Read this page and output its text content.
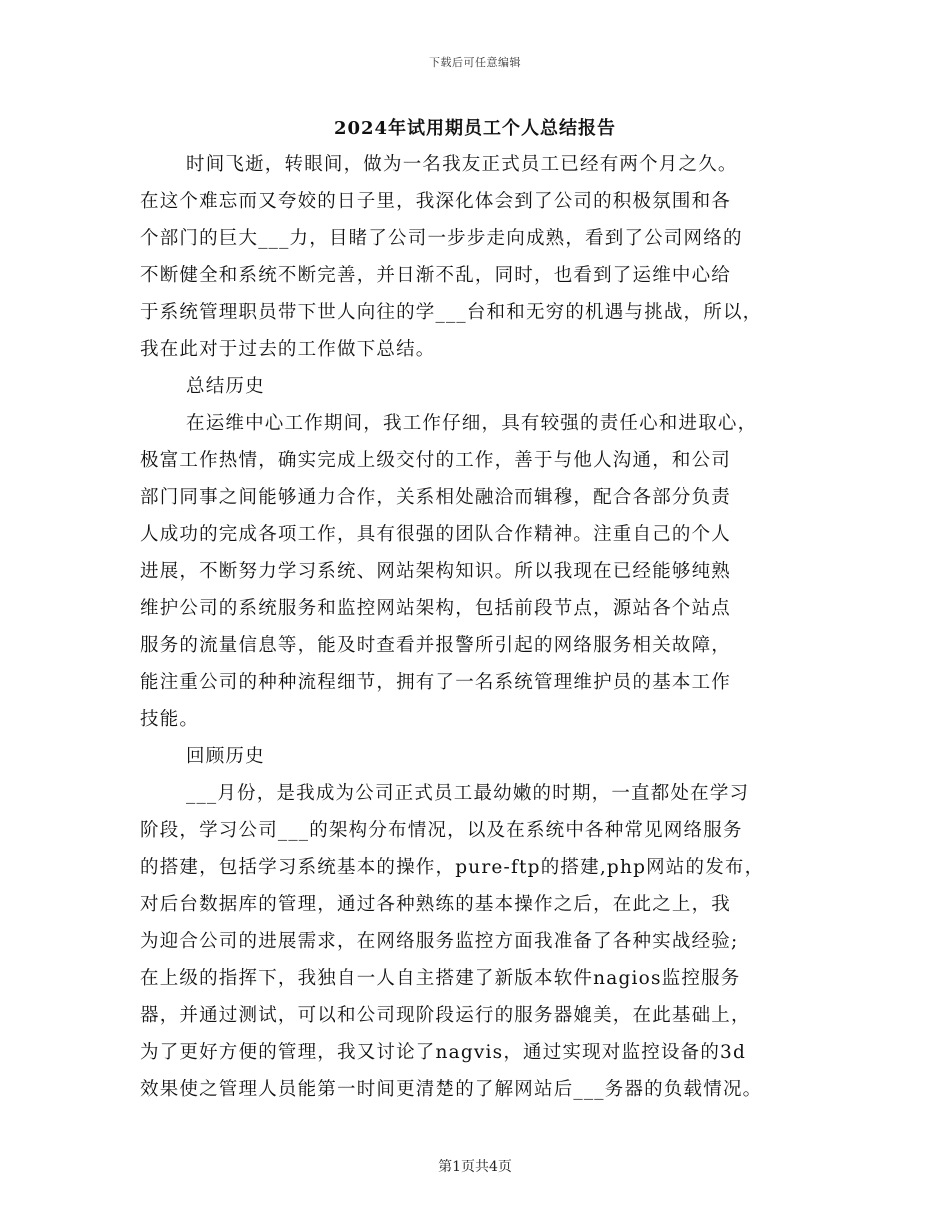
下载后可任意编辑
2024年试用期员工个人总结报告
时间飞逝，转眼间，做为一名我友正式员工已经有两个月之久。
在这个难忘而又夸姣的日子里，我深化体会到了公司的积极氛围和各
个部门的巨大___力，目睹了公司一步步走向成熟，看到了公司网络的
不断健全和系统不断完善，并日渐不乱，同时，也看到了运维中心给
于系统管理职员带下世人向往的学___台和和无穷的机遇与挑战，所以，
我在此对于过去的工作做下总结。
总结历史
在运维中心工作期间，我工作仔细，具有较强的责任心和进取心，
极富工作热情，确实完成上级交付的工作，善于与他人沟通，和公司
部门同事之间能够通力合作，关系相处融洽而辑穆，配合各部分负责
人成功的完成各项工作，具有很强的团队合作精神。注重自己的个人
进展，不断努力学习系统、网站架构知识。所以我现在已经能够纯熟
维护公司的系统服务和监控网站架构，包括前段节点，源站各个站点
服务的流量信息等，能及时查看并报警所引起的网络服务相关故障，
能注重公司的种种流程细节，拥有了一名系统管理维护员的基本工作
技能。
回顾历史
___月份，是我成为公司正式员工最幼嫩的时期，一直都处在学习
阶段，学习公司___的架构分布情况，以及在系统中各种常见网络服务
的搭建，包括学习系统基本的操作，pure-ftp的搭建,php网站的发布，
对后台数据库的管理，通过各种熟练的基本操作之后，在此之上，我
为迎合公司的进展需求，在网络服务监控方面我准备了各种实战经验;
在上级的指挥下，我独自一人自主搭建了新版本软件nagios监控服务
器，并通过测试，可以和公司现阶段运行的服务器媲美，在此基础上，
为了更好方便的管理，我又讨论了nagvis，通过实现对监控设备的3d
效果使之管理人员能第一时间更清楚的了解网站后___务器的负载情况。
第1页共4页
